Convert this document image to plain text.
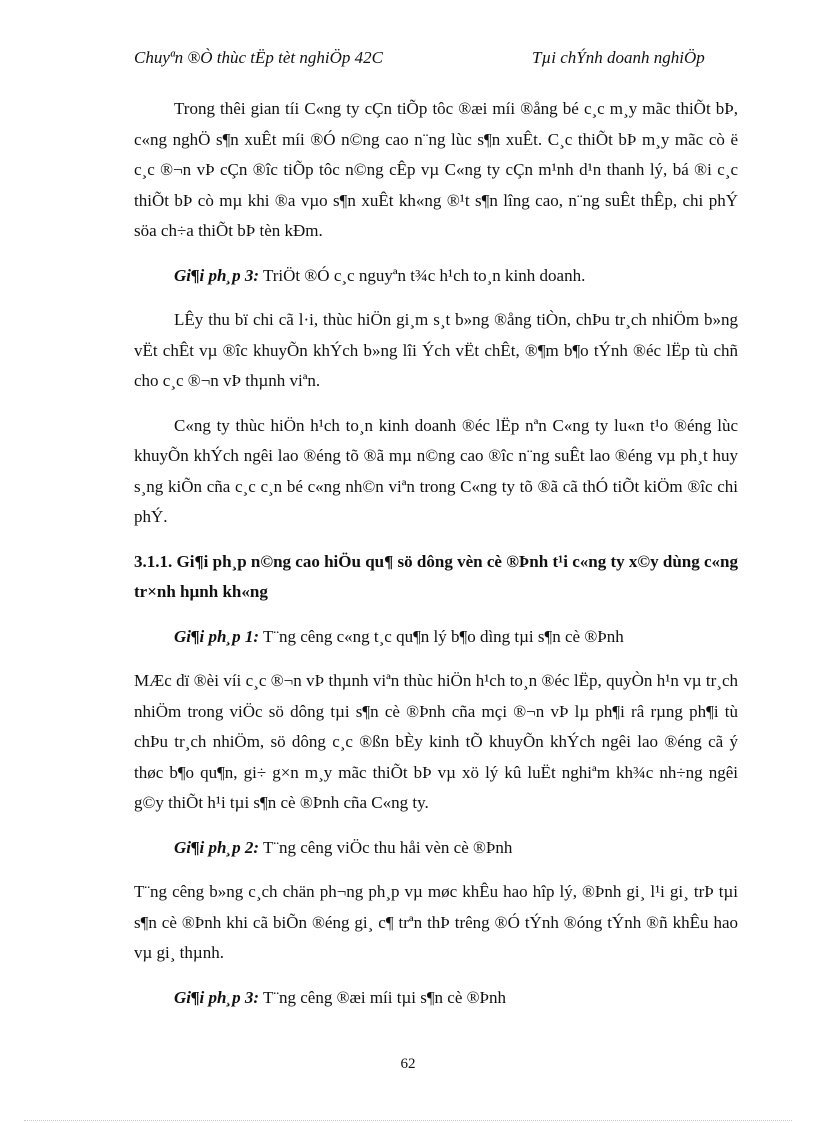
Chuyªn ®Ò thùc tËp tèt nghiÖp 42C	Tµi chÝnh doanh nghiÖp

Trong thêi gian tíi C«ng ty cÇn tiÕp tôc ®æi míi ®ång bé c¸c m¸y mãc thiÕt bÞ, c«ng nghÖ s¶n xuÊt míi ®Ó n©ng cao n¨ng lùc s¶n xuÊt. C¸c thiÕt bÞ m¸y mãc cò ë c¸c ®¬n vÞ cÇn ®îc tiÕp tôc n©ng cÊp vµ C«ng ty cÇn m¹nh d¹n thanh lý, bá ®i c¸c thiÕt bÞ cò mµ khi ®a vµo s¶n xuÊt kh«ng ®¹t s¶n lîng cao, n¨ng suÊt thÊp, chi phÝ söa ch÷a thiÕt bÞ tèn kÐm.

Gi¶i ph¸p 3: TriÖt ®Ó c¸c nguyªn t¾c h¹ch to¸n kinh doanh.

LÊy thu bï chi cã l·i, thùc hiÖn gi¸m s¸t b»ng ®ång tiÒn, chÞu tr¸ch nhiÖm b»ng vËt chÊt vµ ®îc khuyÕn khÝch b»ng lîi Ých vËt chÊt, ®¶m b¶o tÝnh ®éc lËp tù chñ cho c¸c ®¬n vÞ thµnh viªn.

C«ng ty thùc hiÖn h¹ch to¸n kinh doanh ®éc lËp nªn C«ng ty lu«n t¹o ®éng lùc khuyÕn khÝch ngêi lao ®éng tõ ®ã mµ n©ng cao ®îc n¨ng suÊt lao ®éng vµ ph¸t huy s¸ng kiÕn cña c¸c c¸n bé c«ng nh©n viªn trong C«ng ty tõ ®ã cã thÓ tiÕt kiÖm ®îc chi phÝ.

3.1.1. Gi¶i ph¸p n©ng cao hiÖu qu¶ sö dông vèn cè ®Þnh t¹i c«ng ty x©y dùng c«ng tr×nh hµnh kh«ng

Gi¶i ph¸p 1: T¨ng cêng c«ng t¸c qu¶n lý b¶o dìng tµi s¶n cè ®Þnh

MÆc dï ®èi víi c¸c ®¬n vÞ thµnh viªn thùc hiÖn h¹ch to¸n ®éc lËp, quyÒn h¹n vµ tr¸ch nhiÖm trong viÖc sö dông tµi s¶n cè ®Þnh cña mçi ®¬n vÞ lµ ph¶i râ rµng ph¶i tù chÞu tr¸ch nhiÖm, sö dông c¸c ®ßn bÈy kinh tÕ khuyÕn khÝch ngêi lao ®éng cã ý thøc b¶o qu¶n, gi÷ g×n m¸y mãc thiÕt bÞ vµ xö lý kû luËt nghiªm kh¾c nh÷ng ngêi g©y thiÕt h¹i tµi s¶n cè ®Þnh cña C«ng ty.

Gi¶i ph¸p 2: T¨ng cêng viÖc thu håi vèn cè ®Þnh

T¨ng cêng b»ng c¸ch chän ph¬ng ph¸p vµ møc khÊu hao hîp lý, ®Þnh gi¸ l¹i gi¸ trÞ tµi s¶n cè ®Þnh khi cã biÕn ®éng gi¸ c¶ trªn thÞ trêng ®Ó tÝnh ®óng tÝnh ®ñ khÊu hao vµ gi¸ thµnh.

Gi¶i ph¸p 3: T¨ng cêng ®æi míi tµi s¶n cè ®Þnh

62
